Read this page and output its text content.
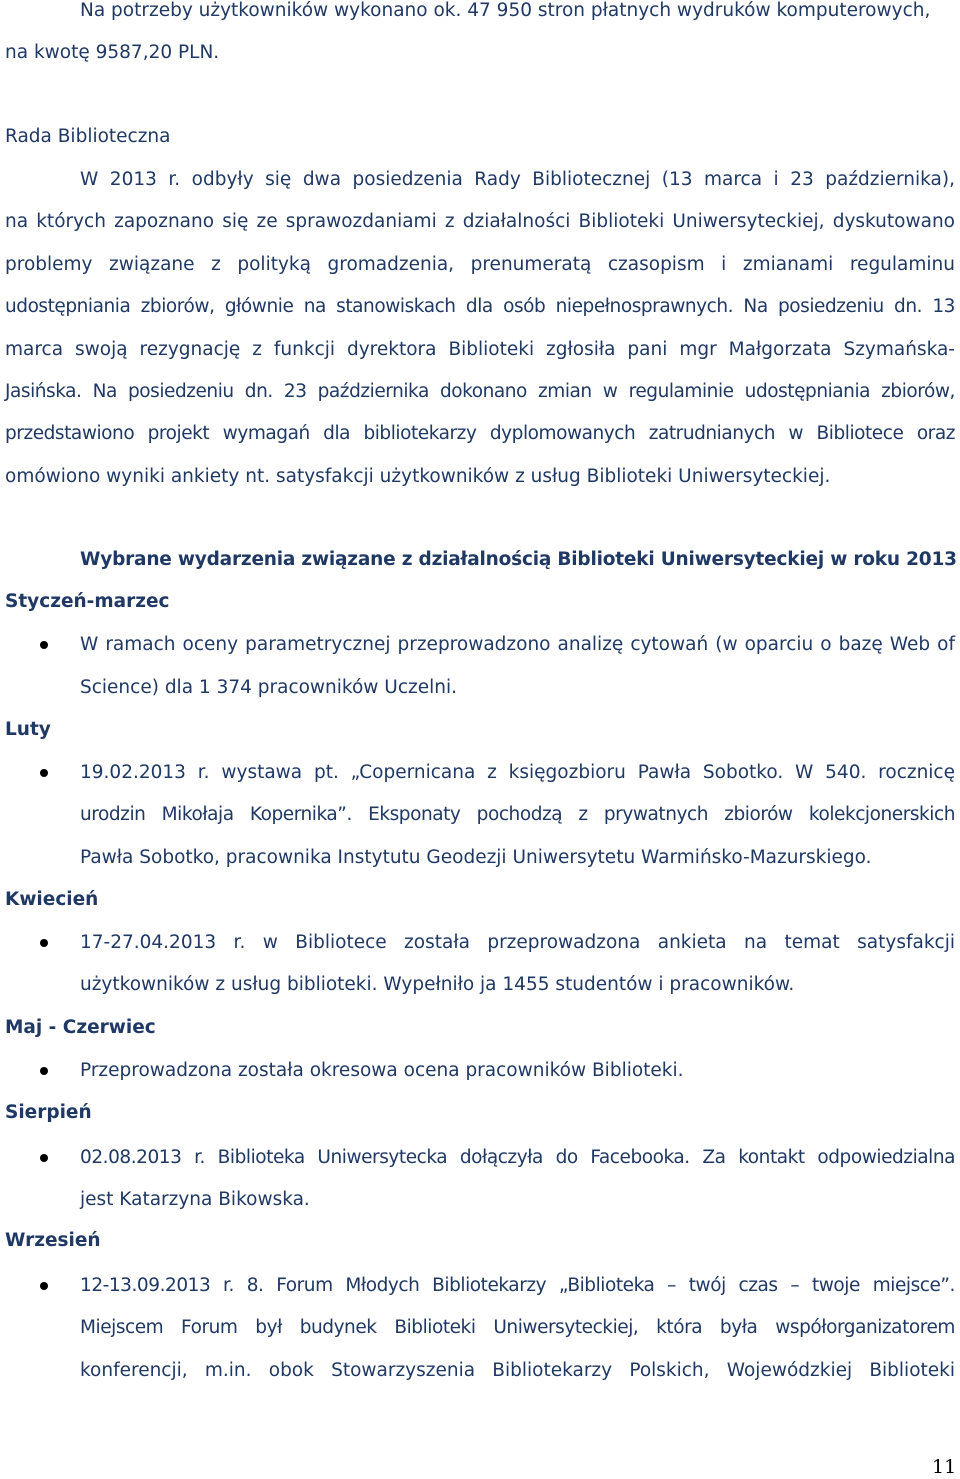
Na potrzeby użytkowników wykonano ok. 47 950 stron płatnych wydruków komputerowych,
na kwotę 9587,20 PLN.
Rada Biblioteczna
W 2013 r. odbyły się dwa posiedzenia Rady Bibliotecznej (13 marca i 23 października),
na których zapoznano się ze sprawozdaniami z działalności Biblioteki Uniwersyteckiej, dyskutowano
problemy związane z polityką gromadzenia, prenumeratą czasopism i zmianami regulaminu
udostępniania zbiorów, głównie na stanowiskach dla osób niepełnosprawnych. Na posiedzeniu dn. 13
marca swoją rezygnację z funkcji dyrektora Biblioteki zgłosiła pani mgr Małgorzata Szymańska-
Jasińska. Na posiedzeniu dn. 23 października dokonano zmian w regulaminie udostępniania zbiorów,
przedstawiono projekt wymagań dla bibliotekarzy dyplomowanych zatrudnianych w Bibliotece oraz
omówiono wyniki ankiety nt. satysfakcji użytkowników z usług Biblioteki Uniwersyteckiej.
Wybrane wydarzenia związane z działalnością Biblioteki Uniwersyteckiej w roku 2013
Styczeń-marzec
W ramach oceny parametrycznej przeprowadzono analizę cytowań (w oparciu o bazę Web of
Science) dla 1 374 pracowników Uczelni.
Luty
19.02.2013 r. wystawa pt. „Copernicana z księgozbioru Pawła Sobotko. W 540. rocznicę
urodzin Mikołaja Kopernika”. Eksponaty pochodzą z prywatnych zbiorów kolekcjonerskich
Pawła Sobotko, pracownika Instytutu Geodezji Uniwersytetu Warmińsko-Mazurskiego.
Kwiecień
17-27.04.2013 r. w Bibliotece została przeprowadzona ankieta na temat satysfakcji
użytkowników z usług biblioteki. Wypełniło ja 1455 studentów i pracowników.
Maj - Czerwiec
Przeprowadzona została okresowa ocena pracowników Biblioteki.
Sierpień
02.08.2013 r. Biblioteka Uniwersytecka dołączyła do Facebooka. Za kontakt odpowiedzialna
jest Katarzyna Bikowska.
Wrzesień
12-13.09.2013 r. 8. Forum Młodych Bibliotekarzy „Biblioteka – twój czas – twoje miejsce”.
Miejscem Forum był budynek Biblioteki Uniwersyteckiej, która była współorganizatorem
konferencji, m.in. obok Stowarzyszenia Bibliotekarzy Polskich, Wojewódzkiej Biblioteki
11
